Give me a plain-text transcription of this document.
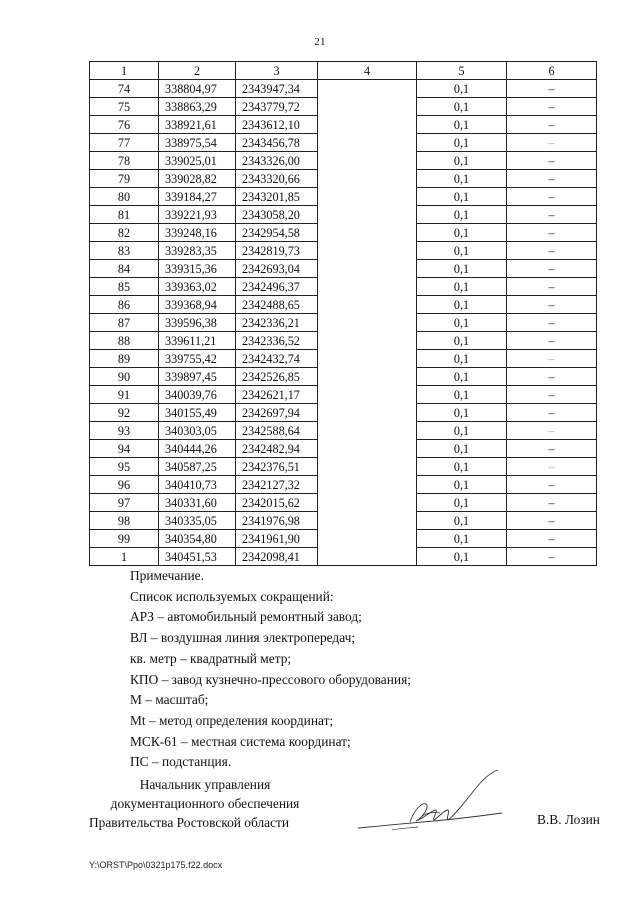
21
1	2	3	4	5	6
74	338804,97	2343947,34		0,1	–
75	338863,29	2343779,72		0,1	–
76	338921,61	2343612,10		0,1	–
77	338975,54	2343456,78		0,1	–
78	339025,01	2343326,00		0,1	–
79	339028,82	2343320,66		0,1	–
80	339184,27	2343201,85		0,1	–
81	339221,93	2343058,20		0,1	–
82	339248,16	2342954,58		0,1	–
83	339283,35	2342819,73		0,1	–
84	339315,36	2342693,04		0,1	–
85	339363,02	2342496,37		0,1	–
86	339368,94	2342488,65		0,1	–
87	339596,38	2342336,21		0,1	–
88	339611,21	2342336,52		0,1	–
89	339755,42	2342432,74		0,1	–
90	339897,45	2342526,85		0,1	–
91	340039,76	2342621,17		0,1	–
92	340155,49	2342697,94		0,1	–
93	340303,05	2342588,64		0,1	–
94	340444,26	2342482,94		0,1	–
95	340587,25	2342376,51		0,1	–
96	340410,73	2342127,32		0,1	–
97	340331,60	2342015,62		0,1	–
98	340335,05	2341976,98		0,1	–
99	340354,80	2341961,90		0,1	–
1	340451,53	2342098,41		0,1	–
Примечание.
Список используемых сокращений:
АРЗ – автомобильный ремонтный завод;
ВЛ – воздушная линия электропередач;
кв. метр – квадратный метр;
КПО – завод кузнечно-прессового оборудования;
М – масштаб;
Mt – метод определения координат;
МСК-61 – местная система координат;
ПС – подстанция.
Начальник управления
документационного обеспечения
Правительства Ростовской области	В.В. Лозин
Y:\ORST\Ppo\0321p175.f22.docx
